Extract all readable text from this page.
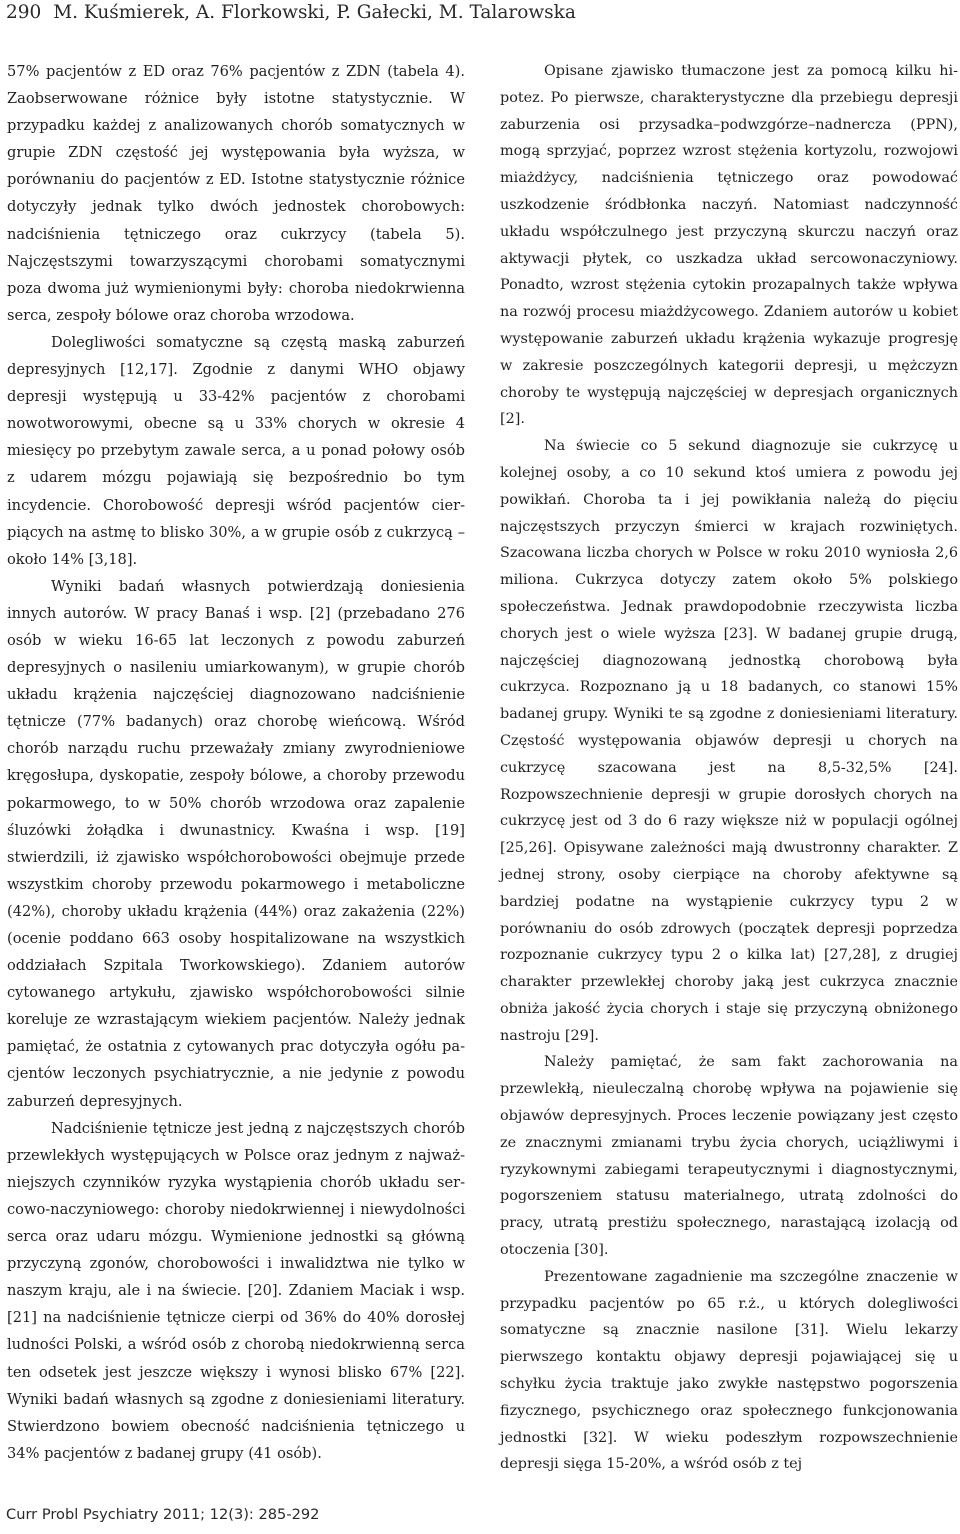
290 M. Kuśmierek, A. Florkowski, P. Gałecki, M. Talarowska

57% pacjentów z ED oraz 76% pacjentów z ZDN (tabela 4). Zaobserwowane różnice były istotne statystycznie. W przypadku każdej z analizowanych chorób somatycznych w grupie ZDN częstość jej występowania była wyższa, w porównaniu do pacjentów z ED. Istotne statystycznie różnice dotyczyły jednak tylko dwóch jednostek chorobowych: nadciśnienia tętniczego oraz cukrzycy (tabela 5). Najczęstszymi towarzyszącymi chorobami somatycznymi poza dwoma już wymienionymi były: choroba niedokrwienna serca, zespoły bólowe oraz choroba wrzodowa.

Dolegliwości somatyczne są częstą maską zaburzeń depresyjnych [12,17]. Zgodnie z danymi WHO objawy depresji występują u 33-42% pacjentów z chorobami nowotworowymi, obecne są u 33% chorych w okresie 4 miesięcy po przebytym zawale serca, a u ponad połowy osób z udarem mózgu pojawiają się bezpośrednio bo tym incydencie. Chorobowość depresji wśród pacjentów cierpiących na astmę to blisko 30%, a w grupie osób z cukrzycą – około 14% [3,18].

Wyniki badań własnych potwierdzają doniesienia innych autorów. W pracy Banaś i wsp. [2] (przebadano 276 osób w wieku 16-65 lat leczonych z powodu zaburzeń depresyjnych o nasileniu umiarkowanym), w grupie chorób układu krążenia najczęściej diagnozowano nadciśnienie tętnicze (77% badanych) oraz chorobę wieńcową. Wśród chorób narządu ruchu przeważały zmiany zwyrodnieniowe kręgosłupa, dyskopatie, zespoły bólowe, a choroby przewodu pokarmowego, to w 50% chorób wrzodowa oraz zapalenie śluzówki żołądka i dwunastnicy. Kwaśna i wsp. [19] stwierdzili, iż zjawisko współchorobowości obejmuje przede wszystkim choroby przewodu pokarmowego i metaboliczne (42%), choroby układu krążenia (44%) oraz zakażenia (22%) (ocenie poddano 663 osoby hospitalizowane na wszystkich oddziałach Szpitala Tworkowskiego). Zdaniem autorów cytowanego artykułu, zjawisko współchorobowości silnie koreluje ze wzrastającym wiekiem pacjentów. Należy jednak pamiętać, że ostatnia z cytowanych prac dotyczyła ogółu pacjentów leczonych psychiatrycznie, a nie jedynie z powodu zaburzeń depresyjnych.

Nadciśnienie tętnicze jest jedną z najczęstszych chorób przewlekłych występujących w Polsce oraz jednym z najważniejszych czynników ryzyka wystąpienia chorób układu sercowo-naczyniowego: choroby niedokrwiennej i niewydolności serca oraz udaru mózgu. Wymienione jednostki są główną przyczyną zgonów, chorobowości i inwalidztwa nie tylko w naszym kraju, ale i na świecie. [20]. Zdaniem Maciak i wsp. [21] na nadciśnienie tętnicze cierpi od 36% do 40% dorosłej ludności Polski, a wśród osób z chorobą niedokrwienną serca ten odsetek jest jeszcze większy i wynosi blisko 67% [22]. Wyniki badań własnych są zgodne z doniesieniami literatury. Stwierdzono bowiem obecność nadciśnienia tętniczego u 34% pacjentów z badanej grupy (41 osób).

Opisane zjawisko tłumaczone jest za pomocą kilku hipotez. Po pierwsze, charakterystyczne dla przebiegu depresji zaburzenia osi przysadka–podwzgórze–nadnercza (PPN), mogą sprzyjać, poprzez wzrost stężenia kortyzolu, rozwojowi miażdżycy, nadciśnienia tętniczego oraz powodować uszkodzenie śródbłonka naczyń. Natomiast nadczynność układu współczulnego jest przyczyną skurczu naczyń oraz aktywacji płytek, co uszkadza układ sercowonaczyniowy. Ponadto, wzrost stężenia cytokin prozapalnych także wpływa na rozwój procesu miażdżycowego. Zdaniem autorów u kobiet występowanie zaburzeń układu krążenia wykazuje progresję w zakresie poszczególnych kategorii depresji, u mężczyzn choroby te występują najczęściej w depresjach organicznych [2].

Na świecie co 5 sekund diagnozuje sie cukrzycę u kolejnej osoby, a co 10 sekund ktoś umiera z powodu jej powikłań. Choroba ta i jej powikłania należą do pięciu najczęstszych przyczyn śmierci w krajach rozwiniętych. Szacowana liczba chorych w Polsce w roku 2010 wyniosła 2,6 miliona. Cukrzyca dotyczy zatem około 5% polskiego społeczeństwa. Jednak prawdopodobnie rzeczywista liczba chorych jest o wiele wyższa [23]. W badanej grupie drugą, najczęściej diagnozowaną jednostką chorobową była cukrzyca. Rozpoznano ją u 18 badanych, co stanowi 15% badanej grupy. Wyniki te są zgodne z doniesieniami literatury. Częstość występowania objawów depresji u chorych na cukrzycę szacowana jest na 8,5-32,5% [24]. Rozpowszechnienie depresji w grupie dorosłych chorych na cukrzycę jest od 3 do 6 razy większe niż w populacji ogólnej [25,26]. Opisywane zależności mają dwustronny charakter. Z jednej strony, osoby cierpiące na choroby afektywne są bardziej podatne na wystąpienie cukrzycy typu 2 w porównaniu do osób zdrowych (początek depresji poprzedza rozpoznanie cukrzycy typu 2 o kilka lat) [27,28], z drugiej charakter przewlekłej choroby jaką jest cukrzyca znacznie obniża jakość życia chorych i staje się przyczyną obniżonego nastroju [29].

Należy pamiętać, że sam fakt zachorowania na przewlekłą, nieuleczalną chorobę wpływa na pojawienie się objawów depresyjnych. Proces leczenie powiązany jest często ze znacznymi zmianami trybu życia chorych, uciążliwymi i ryzykownymi zabiegami terapeutycznymi i diagnostycznymi, pogorszeniem statusu materialnego, utratą zdolności do pracy, utratą prestiżu społecznego, narastającą izolacją od otoczenia [30].

Prezentowane zagadnienie ma szczególne znaczenie w przypadku pacjentów po 65 r.ż., u których dolegliwości somatyczne są znacznie nasilone [31]. Wielu lekarzy pierwszego kontaktu objawy depresji pojawiającej się u schyłku życia traktuje jako zwykłe następstwo pogorszenia fizycznego, psychicznego oraz społecznego funkcjonowania jednostki [32]. W wieku podeszłym rozpowszechnienie depresji sięga 15-20%, a wśród osób z tej

Curr Probl Psychiatry 2011; 12(3): 285-292
